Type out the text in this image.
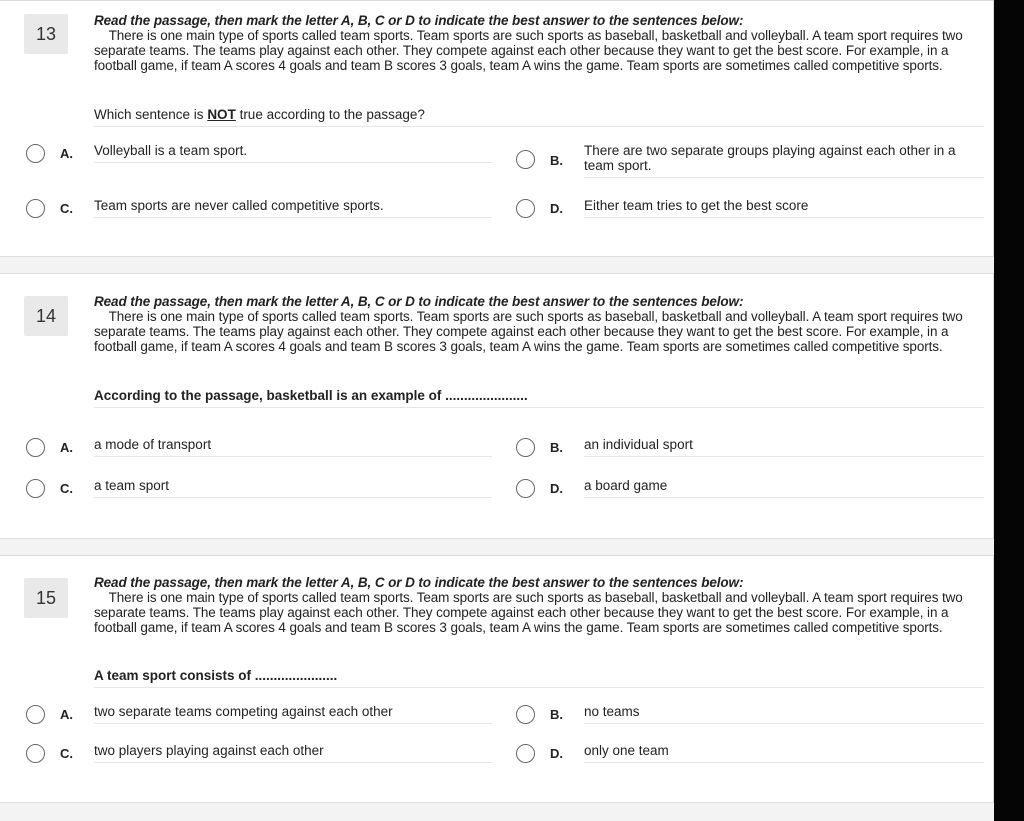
13
Read the passage, then mark the letter A, B, C or D to indicate the best answer to the sentences below:
There is one main type of sports called team sports. Team sports are such sports as baseball, basketball and volleyball. A team sport requires two separate teams. The teams play against each other. They compete against each other because they want to get the best score. For example, in a football game, if team A scores 4 goals and team B scores 3 goals, team A wins the game. Team sports are sometimes called competitive sports.
Which sentence is NOT true according to the passage?
A. Volleyball is a team sport.
B.
There are two separate groups playing against each other in a team sport.
C. Team sports are never called competitive sports.	D. Either team tries to get the best score
14
Read the passage, then mark the letter A, B, C or D to indicate the best answer to the sentences below:
There is one main type of sports called team sports. Team sports are such sports as baseball, basketball and volleyball. A team sport requires two separate teams. The teams play against each other. They compete against each other because they want to get the best score. For example, in a football game, if team A scores 4 goals and team B scores 3 goals, team A wins the game. Team sports are sometimes called competitive sports.
According to the passage, basketball is an example of ......................
A. a mode of transport	B. an individual sport
C. a team sport	D. a board game
15
Read the passage, then mark the letter A, B, C or D to indicate the best answer to the sentences below:
There is one main type of sports called team sports. Team sports are such sports as baseball, basketball and volleyball. A team sport requires two separate teams. The teams play against each other. They compete against each other because they want to get the best score. For example, in a football game, if team A scores 4 goals and team B scores 3 goals, team A wins the game. Team sports are sometimes called competitive sports.
A team sport consists of ......................
A. two separate teams competing against each other	B. no teams
C. two players playing against each other	D. only one team
